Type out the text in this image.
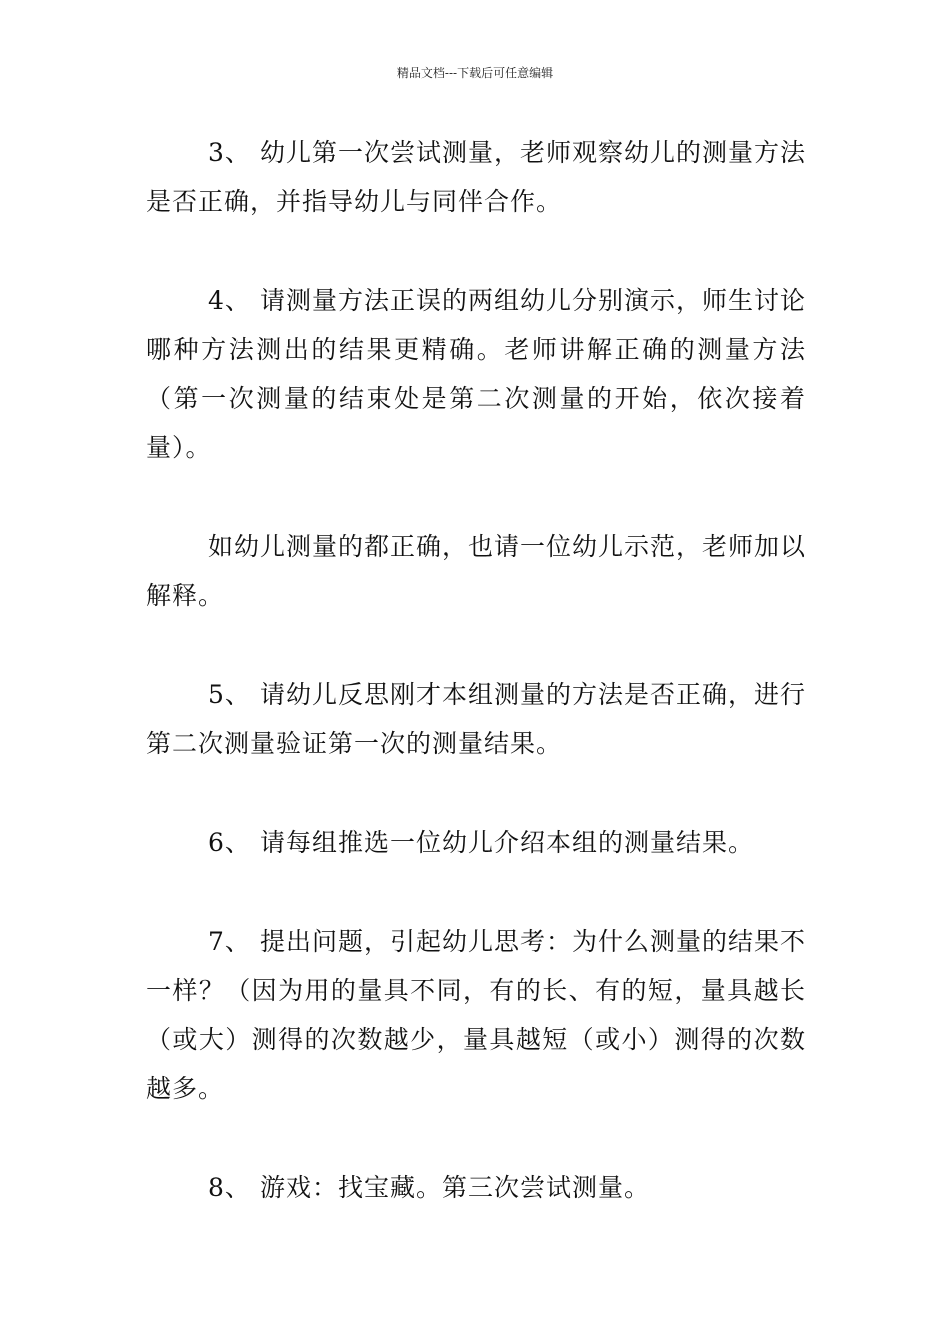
精品文档---下载后可任意编辑

3、 幼儿第一次尝试测量，老师观察幼儿的测量方法是否正确，并指导幼儿与同伴合作。

4、 请测量方法正误的两组幼儿分别演示，师生讨论哪种方法测出的结果更精确。老师讲解正确的测量方法（第一次测量的结束处是第二次测量的开始，依次接着量）。

如幼儿测量的都正确，也请一位幼儿示范，老师加以解释。

5、 请幼儿反思刚才本组测量的方法是否正确，进行第二次测量验证第一次的测量结果。

6、 请每组推选一位幼儿介绍本组的测量结果。

7、 提出问题，引起幼儿思考：为什么测量的结果不一样？（因为用的量具不同，有的长、有的短，量具越长（或大）测得的次数越少，量具越短（或小）测得的次数越多。

8、 游戏：找宝藏。第三次尝试测量。
